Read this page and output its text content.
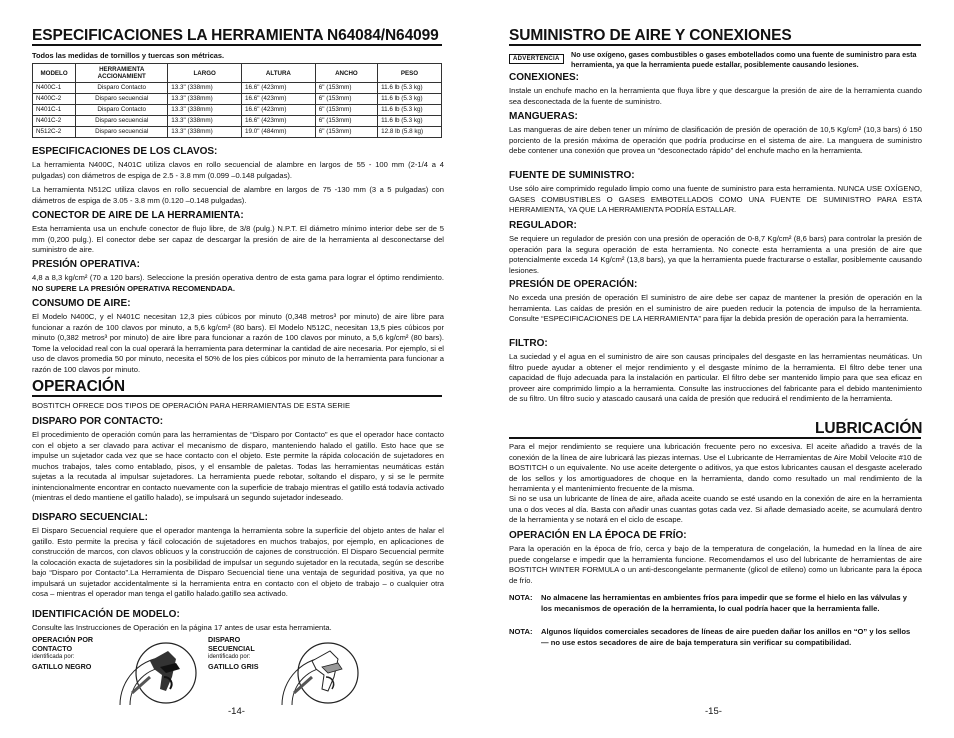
ESPECIFICACIONES LA HERRAMIENTA N64084/N64099
Todos las medidas de tornillos y tuercas son métricas.
MODELO	HERRAMIENTA ACCIONAMIENT	LARGO	ALTURA	ANCHO	PESO
N400C-1	Disparo Contacto	13.3" (338mm)	16.6" (423mm)	6" (153mm)	11.6 lb (5.3 kg)
N400C-2	Disparo secuencial	13.3" (338mm)	16.6" (423mm)	6" (153mm)	11.6 lb (5.3 kg)
N401C-1	Disparo Contacto	13.3" (338mm)	16.6" (423mm)	6" (153mm)	11.6 lb (5.3 kg)
N401C-2	Disparo secuencial	13.3" (338mm)	16.6" (423mm)	6" (153mm)	11.6 lb (5.3 kg)
N512C-2	Disparo secuencial	13.3" (338mm)	19.0" (484mm)	6" (153mm)	12.8 lb (5.8 kg)
ESPECIFICACIONES DE LOS CLAVOS:
La herramienta N400C, N401C utiliza clavos en rollo secuencial de alambre en largos de 55 - 100 mm (2-1/4 a 4 pulgadas) con diámetros de espiga de 2.5 - 3.8 mm (0.099 –0.148 pulgadas).
La herramienta N512C utiliza clavos en rollo secuencial de alambre en largos de 75 -130 mm (3 a 5 pulgadas) con diámetros de espiga de 3.05 - 3.8 mm (0.120 –0.148 pulgadas).
CONECTOR DE AIRE DE LA HERRAMIENTA:
Esta herramienta usa un enchufe conector de flujo libre, de 3/8 (pulg.) N.P.T. El diámetro mínimo interior debe ser de 5 mm (0,200 pulg.). El conector debe ser capaz de descargar la presión de aire de la herramienta al desconectarse del suministro de aire.
PRESIÓN OPERATIVA:
4,8 a 8,3 kg/cm² (70 a 120 bars). Seleccione la presión operativa dentro de esta gama para lograr el óptimo rendimiento. NO SUPERE LA PRESIÓN OPERATIVA RECOMENDADA.
CONSUMO DE AIRE:
El Modelo N400C, y el N401C necesitan 12,3 pies cúbicos por minuto (0,348 metros³ por minuto) de aire libre para funcionar a razón de 100 clavos por minuto, a 5,6 kg/cm² (80 bars). El Modelo N512C, necesitan 13,5 pies cúbicos por minuto (0,382 metros³ por minuto) de aire libre para funcionar a razón de 100 clavos por minuto, a 5,6 kg/cm² (80 bars). Tome la velocidad real con la cual operará la herramienta para determinar la cantidad de aire necesaria. Por ejemplo, si el uso de clavos promedia 50 por minuto, necesita el 50% de los pies cúbicos por minuto de la herramienta para funcionar a razón de 100 clavos por minuto.
OPERACIÓN
BOSTITCH OFRECE DOS TIPOS DE OPERACIÓN PARA HERRAMIENTAS DE ESTA SERIE
DISPARO POR CONTACTO:
El procedimiento de operación común para las herramientas de “Disparo por Contacto” es que el operador hace contacto con el objeto a ser clavado para activar el mecanismo de disparo, manteniendo halado el gatillo. Esto hace que se impulse un sujetador cada vez que se hace contacto con el objeto. Este permite la rápida colocación de sujetadores en muchos trabajos, tales como entablado, pisos, y el ensamble de paletas. Todas las herramientas neumáticas están sujetas a la recutada al impulsar sujetadores. La herramienta puede rebotar, soltando el disparo, y si se le permite inintencionalmente encontrar en contacto nuevamente con la superficie de trabajo mientras el gatillo está todavía activado (mientras el dedo mantiene el gatillo halado), se impulsará un segundo sujetador indeseado.
DISPARO SECUENCIAL:
El Disparo Secuencial requiere que el operador mantenga la herramienta sobre la superficie del objeto antes de halar el gatillo. Esto permite la precisa y fácil colocación de sujetadores en muchos trabajos, por ejemplo, en aplicaciones de construcción de marcos, con clavos oblicuos y la construcción de cajones de construcción. El Disparo Secuencial permite la colocación exacta de sujetadores sin la posibilidad de impulsar un segundo sujetador en la recutada, según se describe bajo “Disparo por Contacto”.La Herramienta de Disparo Secuencial tiene una ventaja de seguridad positiva, ya que no impulsará un sujetador accidentalmente si la herramienta entra en contacto con el objeto de trabajo – o cualquier otra cosa – mientras el operador man tenga el gatillo halado.gatillo sea activado.
IDENTIFICACIÓN DE MODELO:
Consulte las Instrucciones de Operación en la página 17 antes de usar esta herramienta.
OPERACIÓN POR
CONTACTO
identificada por:
GATILLO NEGRO
DISPARO
SECUENCIAL
identificado por:
GATILLO GRIS
-14-
SUMINISTRO DE AIRE Y CONEXIONES
ADVERTENCIA	No use oxígeno, gases combustibles o gases embotellados como una fuente de suministro para esta herramienta, ya que la herramienta puede estallar, posiblemente causando lesiones.
CONEXIONES:
Instale un enchufe macho en la herramienta que fluya libre y que descargue la presión de aire de la herramienta cuando sea desconectada de la fuente de suministro.
MANGUERAS:
Las mangueras de aire deben tener un mínimo de clasificación de presión de operación de 10,5 Kg/cm² (10,3 bars) ó 150 porciento de la presión máxima de operación que podría producirse en el sistema de aire. La manguera de suministro debe contener una conexión que provea un “desconectado rápido” del enchufe macho en la herramienta.
FUENTE DE SUMINISTRO:
Use sólo aire comprimido regulado limpio como una fuente de suministro para esta herramienta. NUNCA USE OXÍGENO, GASES COMBUSTIBLES O GASES EMBOTELLADOS COMO UNA FUENTE DE SUMINISTRO PARA ESTA HERRAMIENTA, YA QUE LA HERRAMIENTA PODRÍA ESTALLAR.
REGULADOR:
Se requiere un regulador de presión con una presión de operación de 0-8,7 Kg/cm² (8,6 bars) para controlar la presión de operación para la segura operación de esta herramienta. No conecte esta herramienta a una presión de aire que potencialmente exceda 14 Kg/cm² (13,8 bars), ya que la herramienta puede fracturarse o estallar, posiblemente causando lesiones.
PRESIÓN DE OPERACIÓN:
No exceda una presión de operación El suministro de aire debe ser capaz de mantener la presión de operación en la herramienta. Las caídas de presión en el suministro de aire pueden reducir la potencia de impulso de la herramienta. Consulte “ESPECIFICACIONES DE LA HERRAMIENTA” para fijar la debida presión de operación para la herramienta.
FILTRO:
La suciedad y el agua en el suministro de aire son causas principales del desgaste en las herramientas neumáticas. Un filtro puede ayudar a obtener el mejor rendimiento y el desgaste mínimo de la herramienta. El filtro debe tener una capacidad de flujo adecuada para la instalación en particular. El filtro debe ser mantenido limpio para que sea eficaz en proveer aire comprimido limpio a la herramienta. Consulte las instrucciones del fabricante para el debido mantenimiento de su filtro. Un filtro sucio y atascado causará una caída de presión que reducirá el rendimiento de la herramienta.
LUBRICACIÓN
Para el mejor rendimiento se requiere una lubricación frecuente pero no excesiva. El aceite añadido a través de la conexión de la línea de aire lubricará las piezas internas. Use el Lubricante de Herramientas de Aire Mobil Velocite #10 de BOSTITCH o un equivalente. No use aceite detergente o aditivos, ya que estos lubricantes causan el desgaste acelerado de los sellos y los amortiguadores de choque en la herramienta, dando como resultado un mal rendimiento de la herramienta y el mantenimiento frecuente de la misma.
Si no se usa un lubricante de línea de aire, añada aceite cuando se esté usando en la conexión de aire en la herramienta una o dos veces al día. Basta con añadir unas cuantas gotas cada vez. Si añade demasiado aceite, se acumulará dentro de la herramienta y se notará en el ciclo de escape.
OPERACIÓN EN LA ÉPOCA DE FRÍO:
Para la operación en la época de frío, cerca y bajo de la temperatura de congelación, la humedad en la línea de aire puede congelarse e impedir que la herramienta funcione. Recomendamos el uso del lubricante de herramientas de aire BOSTITCH WINTER FORMULA o un anti-descongelante permanente (glicol de etileno) como un lubricante para la época de frío.
NOTA: No almacene las herramientas en ambientes fríos para impedir que se forme el hielo en las válvulas y los mecanismos de operación de la herramienta, lo cual podría hacer que la herramienta falle.
NOTA: Algunos líquidos comerciales secadores de líneas de aire pueden dañar los anillos en “O” y los sellos — no use estos secadores de aire de baja temperatura sin verificar su compatibilidad.
-15-
